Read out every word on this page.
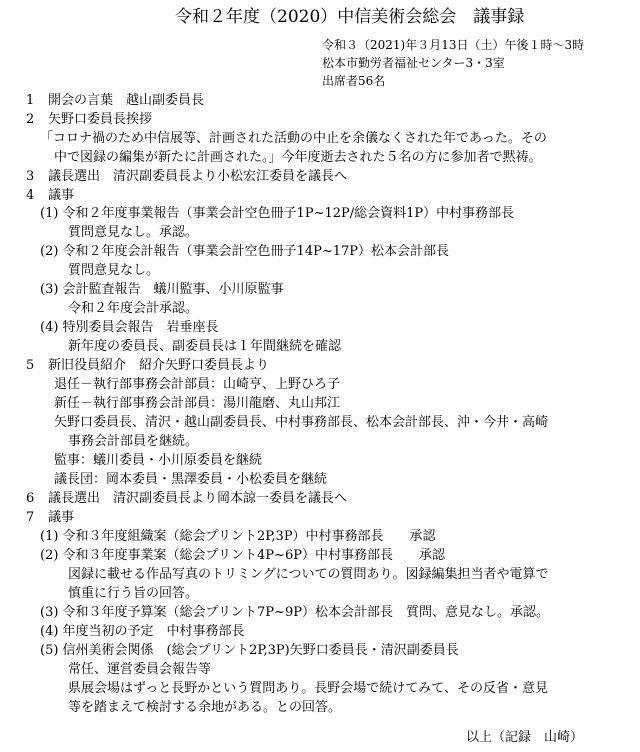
令和２年度（2020）中信美術会総会　議事録
令和３（2021)年３月13日（土）午後１時〜3時
松本市勤労者福祉センター3・3室
出席者56名
1 開会の言葉　越山副委員長
2 矢野口委員長挨拶
「コロナ禍のため中信展等、計画された活動の中止を余儀なくされた年であった。その
中で図録の編集が新たに計画された。」今年度逝去された５名の方に参加者で黙祷。
3 議長選出　清沢副委員長より小松宏江委員を議長へ
4 議事
(1) 令和２年度事業報告（事業会計空色冊子1P~12P/総会資料1P）中村事務部長
質問意見なし。承認。
(2) 令和２年度会計報告（事業会計空色冊子14P~17P）松本会計部長
質問意見なし。
(3) 会計監査報告　蟻川監事、小川原監事
令和２年度会計承認。
(4) 特別委員会報告　岩垂座長
新年度の委員長、副委員長は１年間継続を確認
5 新旧役員紹介　紹介矢野口委員長より
退任－執行部事務会計部員：山崎亨、上野ひろ子
新任－執行部事務会計部員：湯川龍磨、丸山邦江
矢野口委員長、清沢・越山副委員長、中村事務部長、松本会計部長、沖・今井・高崎
事務会計部員を継続。
監事：蟻川委員・小川原委員を継続
議長団：岡本委員・黒澤委員・小松委員を継続
6 議長選出　清沢副委員長より岡本諒一委員を議長へ
7 議事
(1) 令和３年度組織案（総会プリント2P,3P）中村事務部長　　承認
(2) 令和３年度事業案（総会プリント4P~6P）中村事務部長　　承認
図録に載せる作品写真のトリミングについての質問あり。図録編集担当者や電算で
慎重に行う旨の回答。
(3) 令和３年度予算案（総会プリント7P~9P）松本会計部長　質問、意見なし。承認。
(4) 年度当初の予定　中村事務部長
(5) 信州美術会関係　(総会プリント2P,3P)矢野口委員長・清沢副委員長
常任、運営委員会報告等
県展会場はずっと長野かという質問あり。長野会場で続けてみて、その反省・意見
等を踏まえて検討する余地がある。との回答。
以上（記録　山崎）
